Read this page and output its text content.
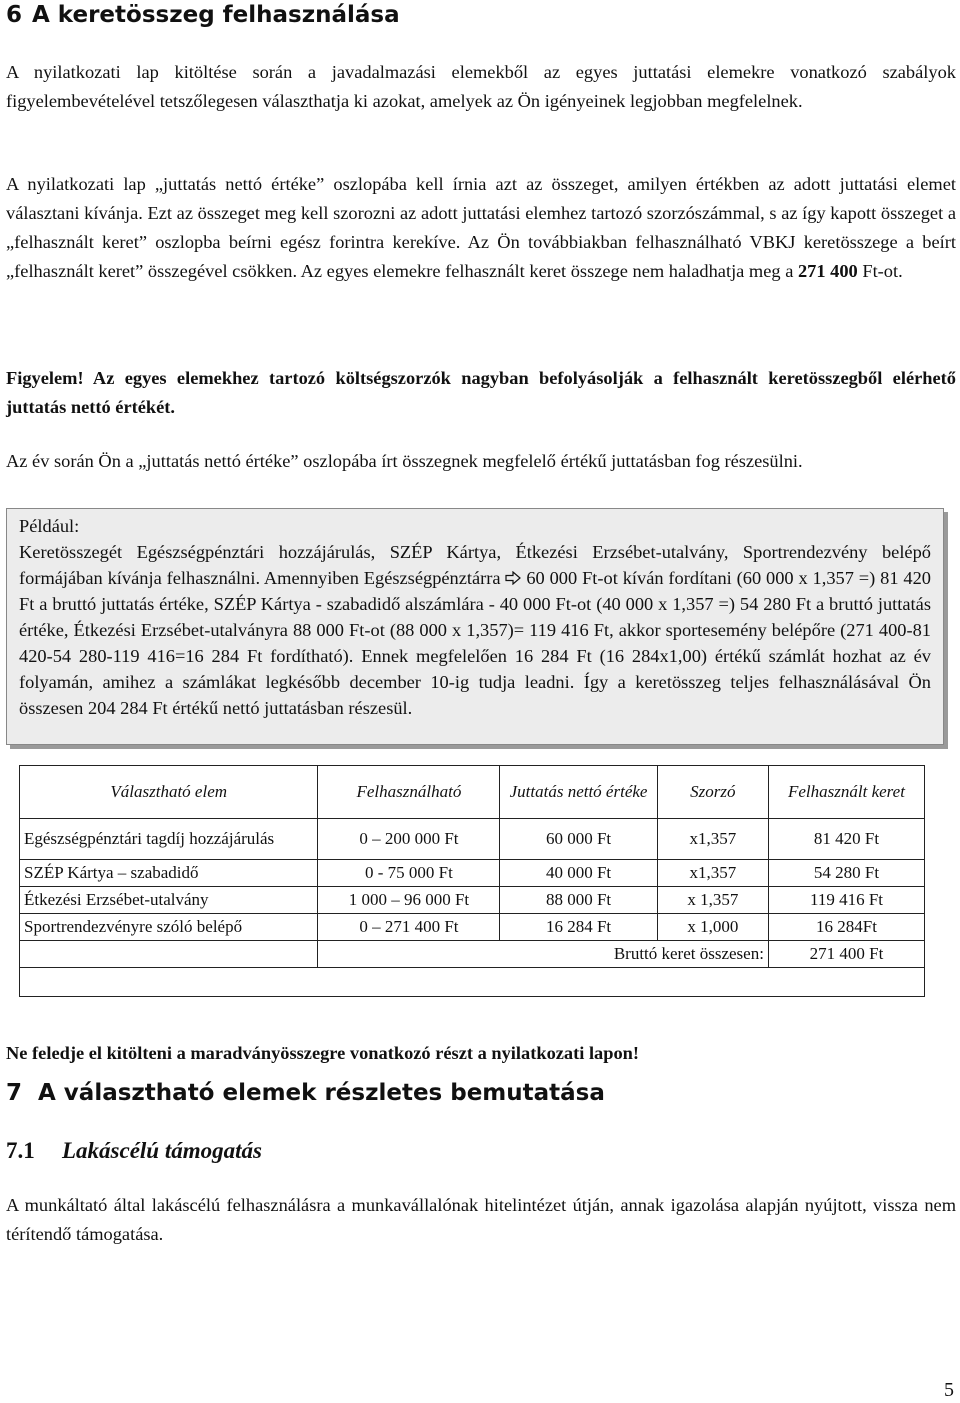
6 A keretösszeg felhasználása

A nyilatkozati lap kitöltése során a javadalmazási elemekből az egyes juttatási elemekre vonatkozó szabályok figyelembevételével tetszőlegesen választhatja ki azokat, amelyek az Ön igényeinek legjobban megfelelnek.

A nyilatkozati lap „juttatás nettó értéke” oszlopába kell írnia azt az összeget, amilyen értékben az adott juttatási elemet választani kívánja. Ezt az összeget meg kell szorozni az adott juttatási elemhez tartozó szorzószámmal, s az így kapott összeget a „felhasznált keret” oszlopba beírni egész forintra kerekíve. Az Ön továbbiakban felhasználható VBKJ keretösszege a beírt „felhasznált keret” összegével csökken. Az egyes elemekre felhasznált keret összege nem haladhatja meg a 271 400 Ft-ot.

Figyelem! Az egyes elemekhez tartozó költségszorzók nagyban befolyásolják a felhasznált keretösszegből elérhető juttatás nettó értékét.

Az év során Ön a „juttatás nettó értéke” oszlopába írt összegnek megfelelő értékű juttatásban fog részesülni.

Például:

Keretösszegét Egészségpénztári hozzájárulás, SZÉP Kártya, Étkezési Erzsébet-utalvány, Sportrendezvény belépő formájában kívánja felhasználni. Amennyiben Egészségpénztárra  60 000 Ft-ot kíván fordítani (60 000 x 1,357 =) 81 420 Ft a bruttó juttatás értéke, SZÉP Kártya - szabadidő alszámlára - 40 000 Ft-ot (40 000 x 1,357 =) 54 280 Ft a bruttó juttatás értéke, Étkezési Erzsébet-utalványra 88 000 Ft-ot (88 000 x 1,357)= 119 416 Ft, akkor sportesemény belépőre (271 400-81 420-54 280-119 416=16 284 Ft fordítható). Ennek megfelelően 16 284 Ft (16 284x1,00) értékű számlát hozhat az év folyamán, amihez a számlákat legkésőbb december 10-ig tudja leadni. Így a keretösszeg teljes felhasználásával Ön összesen 204 284 Ft értékű nettó juttatásban részesül.

Választható elem	Felhasználható	Juttatás nettó értéke	Szorzó	Felhasznált keret
Egészségpénztári tagdíj hozzájárulás	0 – 200 000 Ft	60 000 Ft	x1,357	81 420 Ft
SZÉP Kártya – szabadidő	0 - 75 000 Ft	40 000 Ft	x1,357	54 280 Ft
Étkezési Erzsébet-utalvány	1 000 – 96 000 Ft	88 000 Ft	x 1,357	119 416 Ft
Sportrendezvényre szóló belépő	0 – 271 400 Ft	16 284 Ft	x 1,000	16 284Ft
	Bruttó keret összesen:			271 400 Ft

Ne feledje el kitölteni a maradványösszegre vonatkozó részt a nyilatkozati lapon!

7 A választható elemek részletes bemutatása
7.1 Lakáscélú támogatás

A munkáltató által lakáscélú felhasználásra a munkavállalónak hitelintézet útján, annak igazolása alapján nyújtott, vissza nem térítendő támogatása.

5
